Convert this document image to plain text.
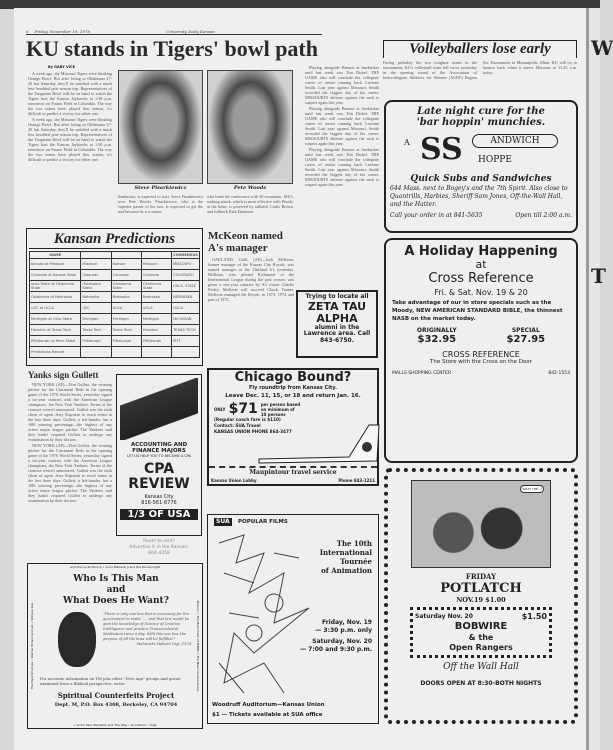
6 Friday, November 19, 1976	University Daily Kansan
KU stands in Tigers' bowl path
By GARY VICE

A week ago, the Missouri Tigers were thinking Orange Bowl. But after losing to Oklahoma 27-20 last Saturday, they'll be satisfied with a much less heralded post-season trip. Representatives of the Tangerine Bowl will be on hand to watch the Tigers host the Kansas Jayhawks at 1:30 p.m. tomorrow on Faurot Field in Columbia. The way the two teams have played this season, it's difficult to predict a victory for either one.

A week ago, the Missouri Tigers were thinking Orange Bowl. But after losing to Oklahoma 27-20 last Saturday, they'll be satisfied with a much less heralded post-season trip. Representatives of the Tangerine Bowl will be on hand to watch the Tigers host the Kansas Jayhawks at 1:30 p.m. tomorrow on Faurot Field in Columbia. The way the two teams have played this season, it's difficult to predict a victory for either one.

Steve Pisarkiewicz	Pete Woods
linebacker, is expected to start. Steve Pisarkiewicz over Pete Woods. Pisarkiewicz, who is the superior passer of the two, is expected to get the nod because he is a senior.
who leads the conference with 48 receptions. MU's rushing attack, which is most effective with Woods at the helm, is powered by tailback Curtis Brown and fullback Kirk Dameron.

Playing alongside Benson at linebacker until last week was Tim Disbel. THE GAME also will conclude the collegiate career of senior running back Laverne Smith. Last year against Missouri, Smith recorded the biggest day of his career. MISSOURI'S defense against the rush is suspect again this year.

Playing alongside Benson at linebacker until last week was Tim Disbel. THE GAME also will conclude the collegiate career of senior running back Laverne Smith. Last year against Missouri, Smith recorded the biggest day of his career. MISSOURI'S defense against the rush is suspect again this year.

Playing alongside Benson at linebacker until last week was Tim Disbel. THE GAME also will conclude the collegiate career of senior running back Laverne Smith. Last year against Missouri, Smith recorded the biggest day of his career. MISSOURI'S defense against the rush is suspect again this year.

Volleyballers lose early
Facing probably the two toughest teams in the tournament, KU's volleyball team fell twice yesterday in the opening round of the Association of Intercollegiate Athletics for Women (AIAW) Region Six Tournament in Minneapolis, Minn. KU will try to bounce back when it meets Missouri at 11:45 a.m. today.
Late night cure for the
'bar hoppin' munchies.
A SS	ANDWICH
HOPPE
Quick Subs and Sandwiches
644 Mass. next to Bogey's and the 7th Spirit. Also close to Quantrills, Harbies, Sheriff Sam Jones, Off-the-Wall Hall, and the Hatter.
Call your order in at 841-5635	Open till 2:00 a.m.
Kansan Predictions
GAME				CONSENSUS
Kansas at Missouri	Missouri	Kansas	Missouri	MISSOURI
Colorado at Kansas State	Colorado	Colorado	Colorado	COLORADO
Iowa State at Oklahoma State	Oklahoma State	Oklahoma State	Oklahoma State	OKLA. STATE
Oklahoma at Nebraska	Nebraska	Nebraska	Nebraska	NEBRASKA
USC at UCLA	USC	UCLA	UCLA	UCLA
Michigan at Ohio State	Michigan	Michigan	Michigan	MICHIGAN
Houston at Texas Tech	Texas Tech	Texas Tech	Houston	TEXAS TECH
Pittsburgh vs Penn State	Pittsburgh	Pittsburgh	Pittsburgh	PITT
Predictions Record				
McKeon named
A's manager

OAKLAND, Calif. (AP)—Jack McKeon, former manager of the Kansas City Royals, was named manager of the Oakland A's yesterday. McKeon, who piloted Richmond of the International League during the past season, was given a one-year contract by A's owner Charlie Finley. McKeon will succeed Chuck Tanner. McKeon managed the Royals in 1973, 1974 and part of 1975.	Trying to locate all
ZETA TAU
ALPHA
alumni in the
Lawrence area. Call
843-6750.
A Holiday Happening
at
Cross Reference
Fri. & Sat. Nov. 19 & 20
Take advantage of our in store specials such as the Moody, NEW AMERICAN STANDARD BIBLE, the thinnest NASB on the market today.
ORIGINALLY
$32.95
SPECIAL
$27.95
CROSS REFERENCE
The Store with the Cross on the Door
MALLS SHOPPING CENTER	842-1553
Chicago Bound?
Fly roundtrip from Kansas City.
Leave Dec. 11, 15, or 18 and return Jan. 16.
ONLY $71 per person based on minimum of 10 persons
(Regular coach fare is $110)
Contact: SUA Travel
KANSAS UNION PHONE 864-3477
Maupintour travel service
Kansas Union Lobby	Phone 843-1211
Yanks sign Gullett

NEW YORK (AP)—Don Gullett, the winning pitcher for the Cincinnati Reds in the opening game of the 1976 World Series, yesterday signed a six-year contract with the American League champions, the New York Yankees. Terms of the contract weren't announced. Gullett was the sixth client of agent Jerry Kapstein to reach terms in the last three days. Gullett, a left-hander, has a .686 winning percentage—the highest of any active major league pitcher. The Yankees said they hadn't required Gullett to undergo any examination by their doctors.

NEW YORK (AP)—Don Gullett, the winning pitcher for the Cincinnati Reds in the opening game of the 1976 World Series, yesterday signed a six-year contract with the American League champions, the New York Yankees. Terms of the contract weren't announced. Gullett was the sixth client of agent Jerry Kapstein to reach terms in the last three days. Gullett, a left-hander, has a .686 winning percentage—the highest of any active major league pitcher. The Yankees said they hadn't required Gullett to undergo any examination by their doctors.

ACCOUNTING AND
FINANCE MAJORS
LET US HELP YOU TO BECOME A CPA
CPA
REVIEW
Kansas City
816-561-6776
1/3 OF USA
Room to rent?
Advertise it in the Kansan.
864-4358
and the Local Church • Guru Maharaj Ji and the Divine Light
• Victor Paul Wierwille and The Way • Occultism • Yoga
The Hare Krishnas • Werner Erhard and est • Witness Lee	Mission • The Holy Order of MANS • The New Consciousness
Who Is This Man
and
What Does He Want?
"There is only one law that is necessary for the government to make . . . and that law would be gain the knowledge of Science of Creative Intelligence and practice Transcendental Meditation twice a day. With this one law, the purpose of all the laws will be fulfilled."
Maharishi Mahesh Yogi, 1974
For accurate information on TM plus other "New Age" groups and gurus: examined from a Biblical perspective, write:
Spiritual Counterfeits Project
Dept. M, P.O. Box 4308, Berkeley, CA 94704
SUA	POPULAR FILMS
The 10th
International
Tournée
of Animation
Friday, Nov. 19
— 3:30 p.m. only
Saturday, Nov. 20
— 7:00 and 9:30 p.m.
Woodruff Auditorium—Kansas Union
$1 — Tickets available at SUA office
WHAT THE...!
FRIDAY
POTLATCH
NOV.19 $1.00
Saturday Nov. 20	$1.50
BOBWIRE
& the
Open Rangers
Off the Wall Hall
DOORS OPEN AT 8:30-BOTH NIGHTS
W
T
